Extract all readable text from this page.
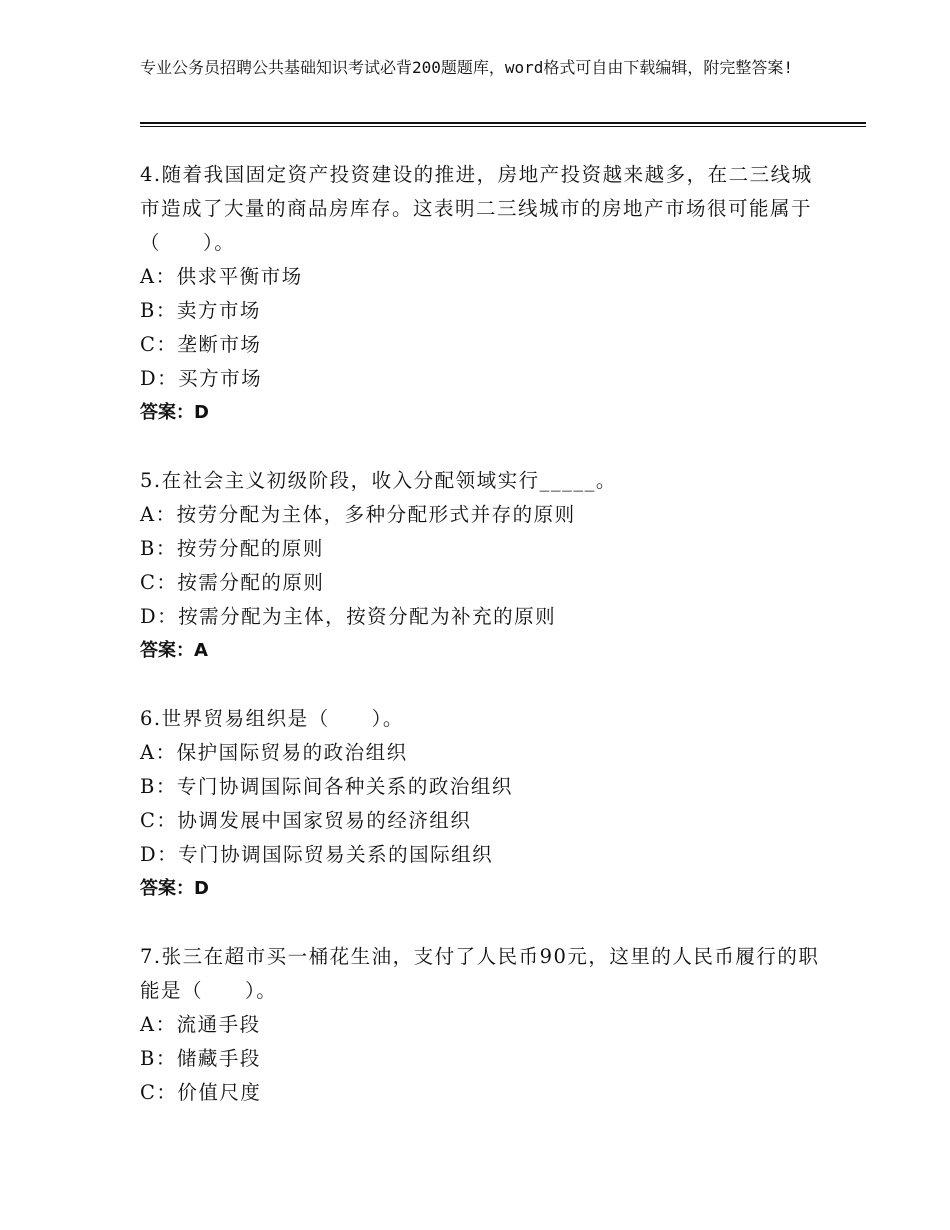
专业公务员招聘公共基础知识考试必背200题题库，word格式可自由下载编辑，附完整答案!
4.随着我国固定资产投资建设的推进，房地产投资越来越多，在二三线城市造成了大量的商品房库存。这表明二三线城市的房地产市场很可能属于（　　）。
A：供求平衡市场
B：卖方市场
C：垄断市场
D：买方市场
答案：D
5.在社会主义初级阶段，收入分配领域实行_____。
A：按劳分配为主体，多种分配形式并存的原则
B：按劳分配的原则
C：按需分配的原则
D：按需分配为主体，按资分配为补充的原则
答案：A
6.世界贸易组织是（　　）。
A：保护国际贸易的政治组织
B：专门协调国际间各种关系的政治组织
C：协调发展中国家贸易的经济组织
D：专门协调国际贸易关系的国际组织
答案：D
7.张三在超市买一桶花生油，支付了人民币90元，这里的人民币履行的职能是（　　）。
A：流通手段
B：储藏手段
C：价值尺度
